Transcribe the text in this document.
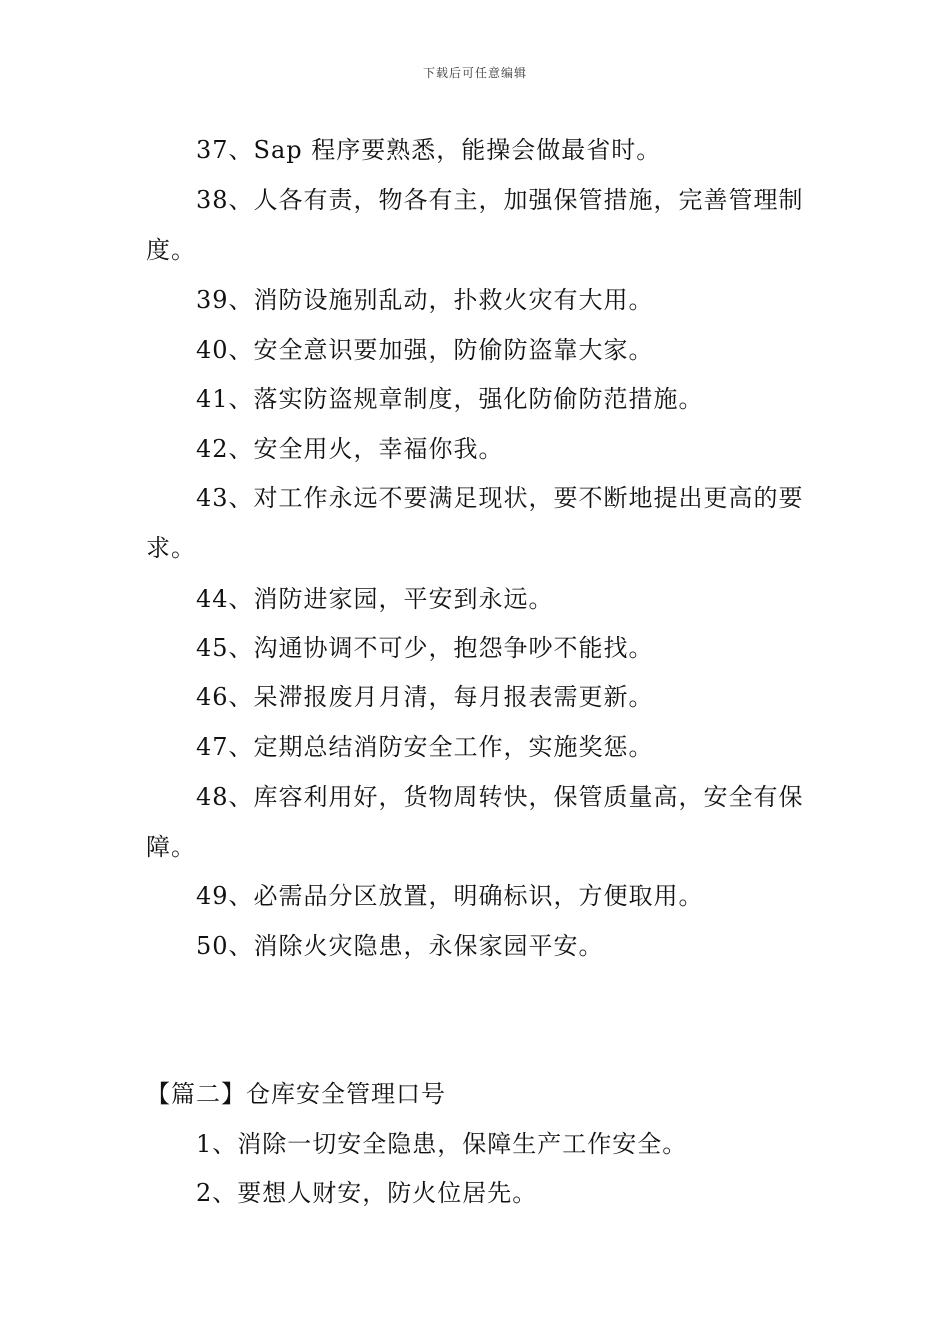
下载后可任意编辑
37、Sap 程序要熟悉，能操会做最省时。
38、人各有责，物各有主，加强保管措施，完善管理制度。
39、消防设施别乱动，扑救火灾有大用。
40、安全意识要加强，防偷防盗靠大家。
41、落实防盗规章制度，强化防偷防范措施。
42、安全用火，幸福你我。
43、对工作永远不要满足现状，要不断地提出更高的要求。
44、消防进家园，平安到永远。
45、沟通协调不可少，抱怨争吵不能找。
46、呆滞报废月月清，每月报表需更新。
47、定期总结消防安全工作，实施奖惩。
48、库容利用好，货物周转快，保管质量高，安全有保障。
49、必需品分区放置，明确标识，方便取用。
50、消除火灾隐患，永保家园平安。
【篇二】仓库安全管理口号
1、消除一切安全隐患，保障生产工作安全。
2、要想人财安，防火位居先。
